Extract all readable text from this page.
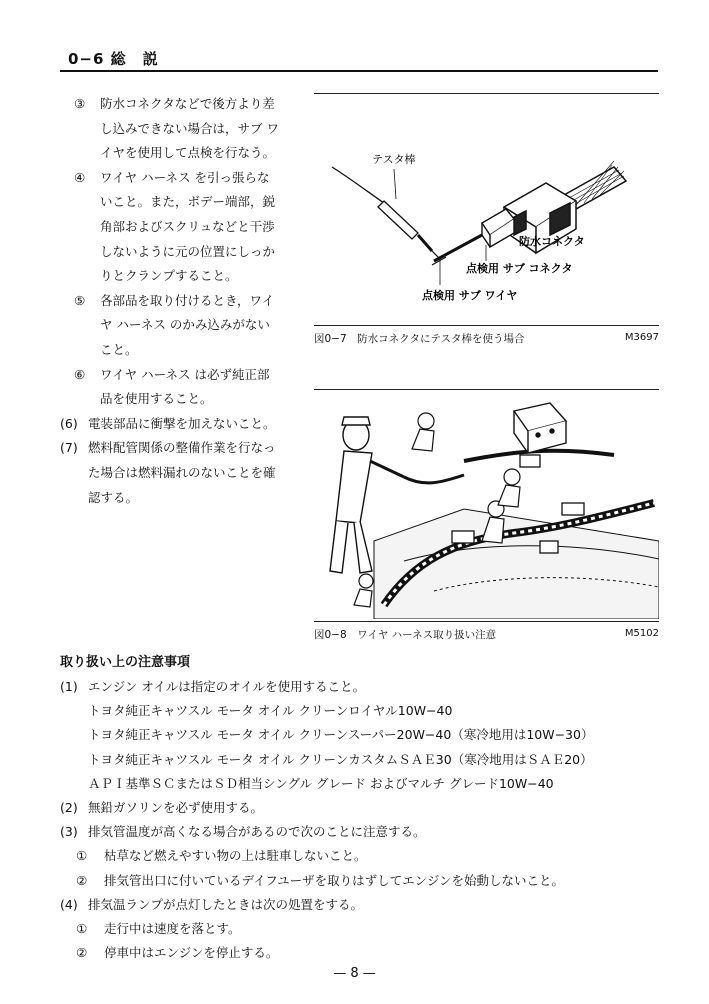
0−6 総　説
③ 防水コネクタなどで後方より差
し込みできない場合は，サブ ワ
イヤを使用して点検を行なう。
④ ワイヤ ハーネス を引っ張らな
いこと。また，ボデー端部，鋭
角部およびスクリュなどと干渉
しないように元の位置にしっか
りとクランプすること。
⑤ 各部品を取り付けるとき，ワイ
ヤ ハーネス のかみ込みがない
こと。
⑥ ワイヤ ハーネス は必ず純正部
品を使用すること。
(6) 電装部品に衝撃を加えないこと。
(7) 燃料配管関係の整備作業を行なっ
た場合は燃料漏れのないことを確
認する。
テスタ棒
防水コネクタ
点検用 サブ コネクタ
点検用 サブ ワイヤ
図0−7　防水コネクタにテスタ棒を使う場合	M3697
図0−8　ワイヤ ハーネス取り扱い注意	M5102
取り扱い上の注意事項
(1) エンジン オイルは指定のオイルを使用すること。
トヨタ純正キャツスル モータ オイル クリーンロイヤル10W−40
トヨタ純正キャツスル モータ オイル クリーンスーパー20W−40（寒冷地用は10W−30）
トヨタ純正キャツスル モータ オイル クリーンカスタムＳＡＥ30（寒冷地用はＳＡＥ20）
ＡＰＩ基準ＳＣまたはＳＤ相当シングル グレード およびマルチ グレード10W−40
(2) 無鉛ガソリンを必ず使用する。
(3) 排気管温度が高くなる場合があるので次のことに注意する。
① 枯草など燃えやすい物の上は駐車しないこと。
② 排気管出口に付いているデイフユーザを取りはずしてエンジンを始動しないこと。
(4) 排気温ランプが点灯したときは次の処置をする。
① 走行中は速度を落とす。
② 停車中はエンジンを停止する。
— 8 —
